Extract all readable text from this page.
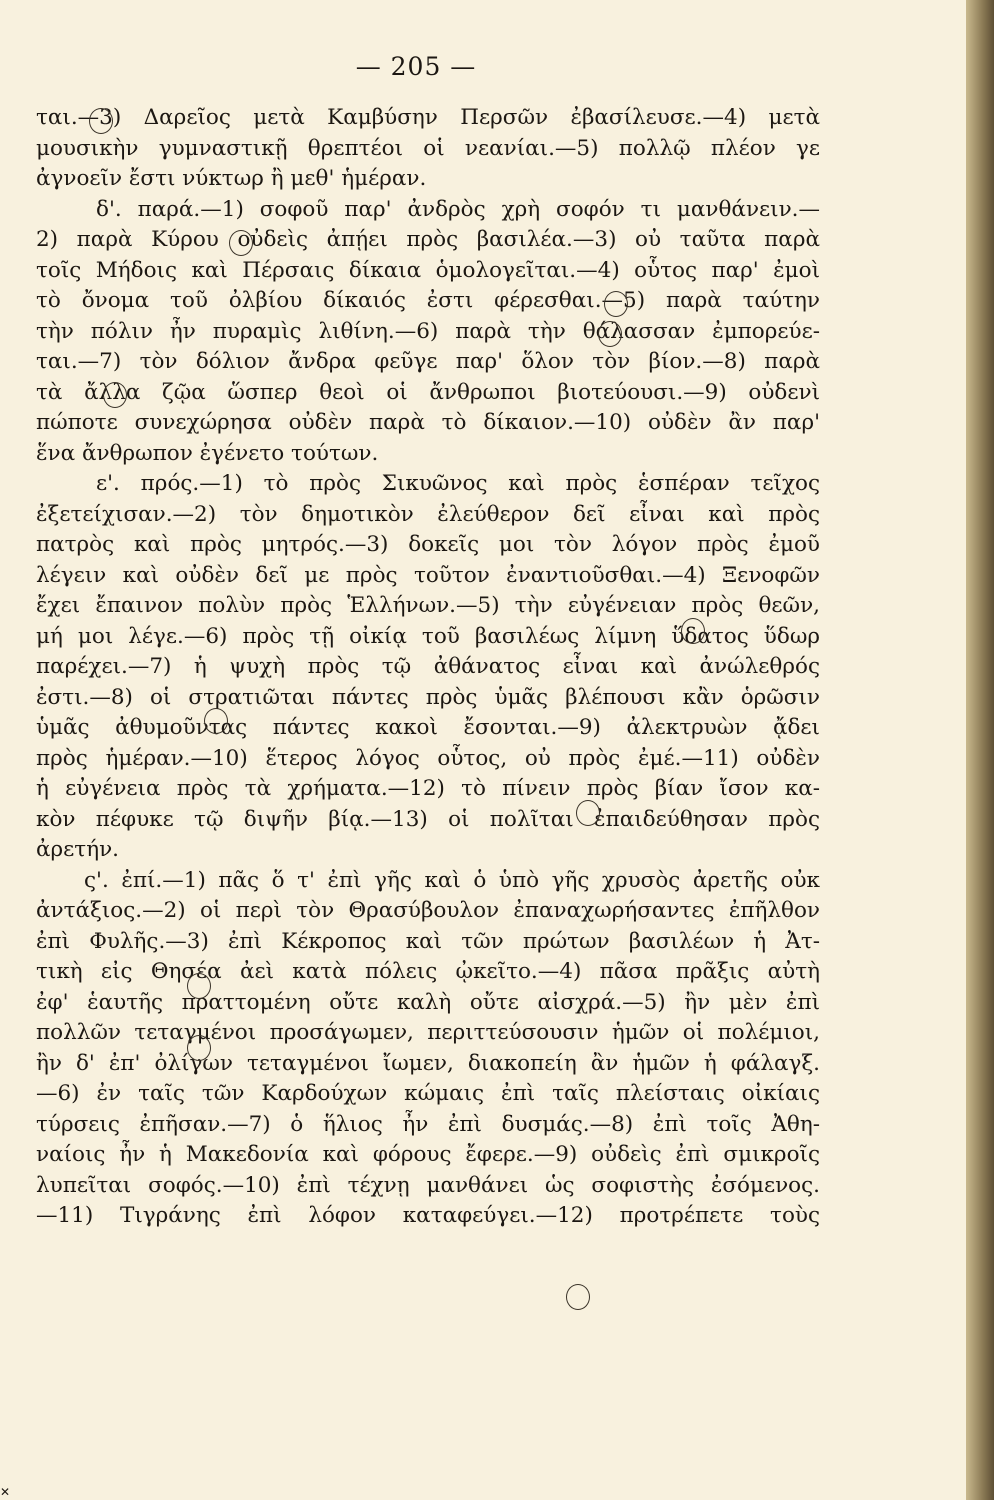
— 205 —
ται.—3) Δαρεῖος μετὰ Καμβύσην Περσῶν ἐβασίλευσε.—4) μετὰ
μουσικὴν γυμναστικῇ θρεπτέοι οἱ νεανίαι.—5) πολλῷ πλέον γε
ἀγνοεῖν ἔστι νύκτωρ ἢ μεθ' ἡμέραν.
δ'. παρά.—1) σοφοῦ παρ' ἀνδρὸς χρὴ σοφόν τι μανθάνειν.—
2) παρὰ Κύρου οὐδεὶς ἀπῄει πρὸς βασιλέα.—3) οὐ ταῦτα παρὰ
τοῖς Μήδοις καὶ Πέρσαις δίκαια ὁμολογεῖται.—4) οὗτος παρ' ἐμοὶ
τὸ ὄνομα τοῦ ὀλβίου δίκαιός ἐστι φέρεσθαι.—5) παρὰ ταύτην
τὴν πόλιν ἦν πυραμὶς λιθίνη.—6) παρὰ τὴν θάλασσαν ἐμπορεύε-
ται.—7) τὸν δόλιον ἄνδρα φεῦγε παρ' ὅλον τὸν βίον.—8) παρὰ
τὰ ἄλλα ζῷα ὥσπερ θεοὶ οἱ ἄνθρωποι βιοτεύουσι.—9) οὐδενὶ
πώποτε συνεχώρησα οὐδὲν παρὰ τὸ δίκαιον.—10) οὐδὲν ἂν παρ'
ἕνα ἄνθρωπον ἐγένετο τούτων.
ε'. πρός.—1) τὸ πρὸς Σικυῶνος καὶ πρὸς ἑσπέραν τεῖχος
ἐξετείχισαν.—2) τὸν δημοτικὸν ἐλεύθερον δεῖ εἶναι καὶ πρὸς
πατρὸς καὶ πρὸς μητρός.—3) δοκεῖς μοι τὸν λόγον πρὸς ἐμοῦ
λέγειν καὶ οὐδὲν δεῖ με πρὸς τοῦτον ἐναντιοῦσθαι.—4) Ξενοφῶν
ἔχει ἔπαινον πολὺν πρὸς Ἑλλήνων.—5) τὴν εὐγένειαν πρὸς θεῶν,
μή μοι λέγε.—6) πρὸς τῇ οἰκίᾳ τοῦ βασιλέως λίμνη ὕδατος ὕδωρ
παρέχει.—7) ἡ ψυχὴ πρὸς τῷ ἀθάνατος εἶναι καὶ ἀνώλεθρός
ἐστι.—8) οἱ στρατιῶται πάντες πρὸς ὑμᾶς βλέπουσι κἂν ὁρῶσιν
ὑμᾶς ἀθυμοῦντας πάντες κακοὶ ἔσονται.—9) ἀλεκτρυὼν ᾄδει
πρὸς ἡμέραν.—10) ἕτερος λόγος οὗτος, οὐ πρὸς ἐμέ.—11) οὐδὲν
ἡ εὐγένεια πρὸς τὰ χρήματα.—12) τὸ πίνειν πρὸς βίαν ἴσον κα-
κὸν πέφυκε τῷ διψῆν βίᾳ.—13) οἱ πολῖται ἐπαιδεύθησαν πρὸς
ἀρετήν.
ς'. ἐπί.—1) πᾶς ὅ τ' ἐπὶ γῆς καὶ ὁ ὑπὸ γῆς χρυσὸς ἀρετῆς οὐκ
ἀντάξιος.—2) οἱ περὶ τὸν Θρασύβουλον ἐπαναχωρήσαντες ἐπῆλθον
ἐπὶ Φυλῆς.—3) ἐπὶ Κέκροπος καὶ τῶν πρώτων βασιλέων ἡ Ἀτ-
τικὴ εἰς Θησέα ἀεὶ κατὰ πόλεις ᾠκεῖτο.—4) πᾶσα πρᾶξις αὐτὴ
ἐφ' ἑαυτῆς πραττομένη οὔτε καλὴ οὔτε αἰσχρά.—5) ἢν μὲν ἐπὶ
πολλῶν τεταγμένοι προσάγωμεν, περιττεύσουσιν ἡμῶν οἱ πολέμιοι,
ἢν δ' ἐπ' ὀλίγων τεταγμένοι ἴωμεν, διακοπείη ἂν ἡμῶν ἡ φάλαγξ.
—6) ἐν ταῖς τῶν Καρδούχων κώμαις ἐπὶ ταῖς πλείσταις οἰκίαις
τύρσεις ἐπῆσαν.—7) ὁ ἥλιος ἦν ἐπὶ δυσμάς.—8) ἐπὶ τοῖς Ἀθη-
ναίοις ἦν ἡ Μακεδονία καὶ φόρους ἔφερε.—9) οὐδεὶς ἐπὶ σμικροῖς
λυπεῖται σοφός.—10) ἐπὶ τέχνῃ μανθάνει ὡς σοφιστὴς ἐσόμενος.
—11) Τιγράνης ἐπὶ λόφον καταφεύγει.—12) προτρέπετε τοὺς
✕
